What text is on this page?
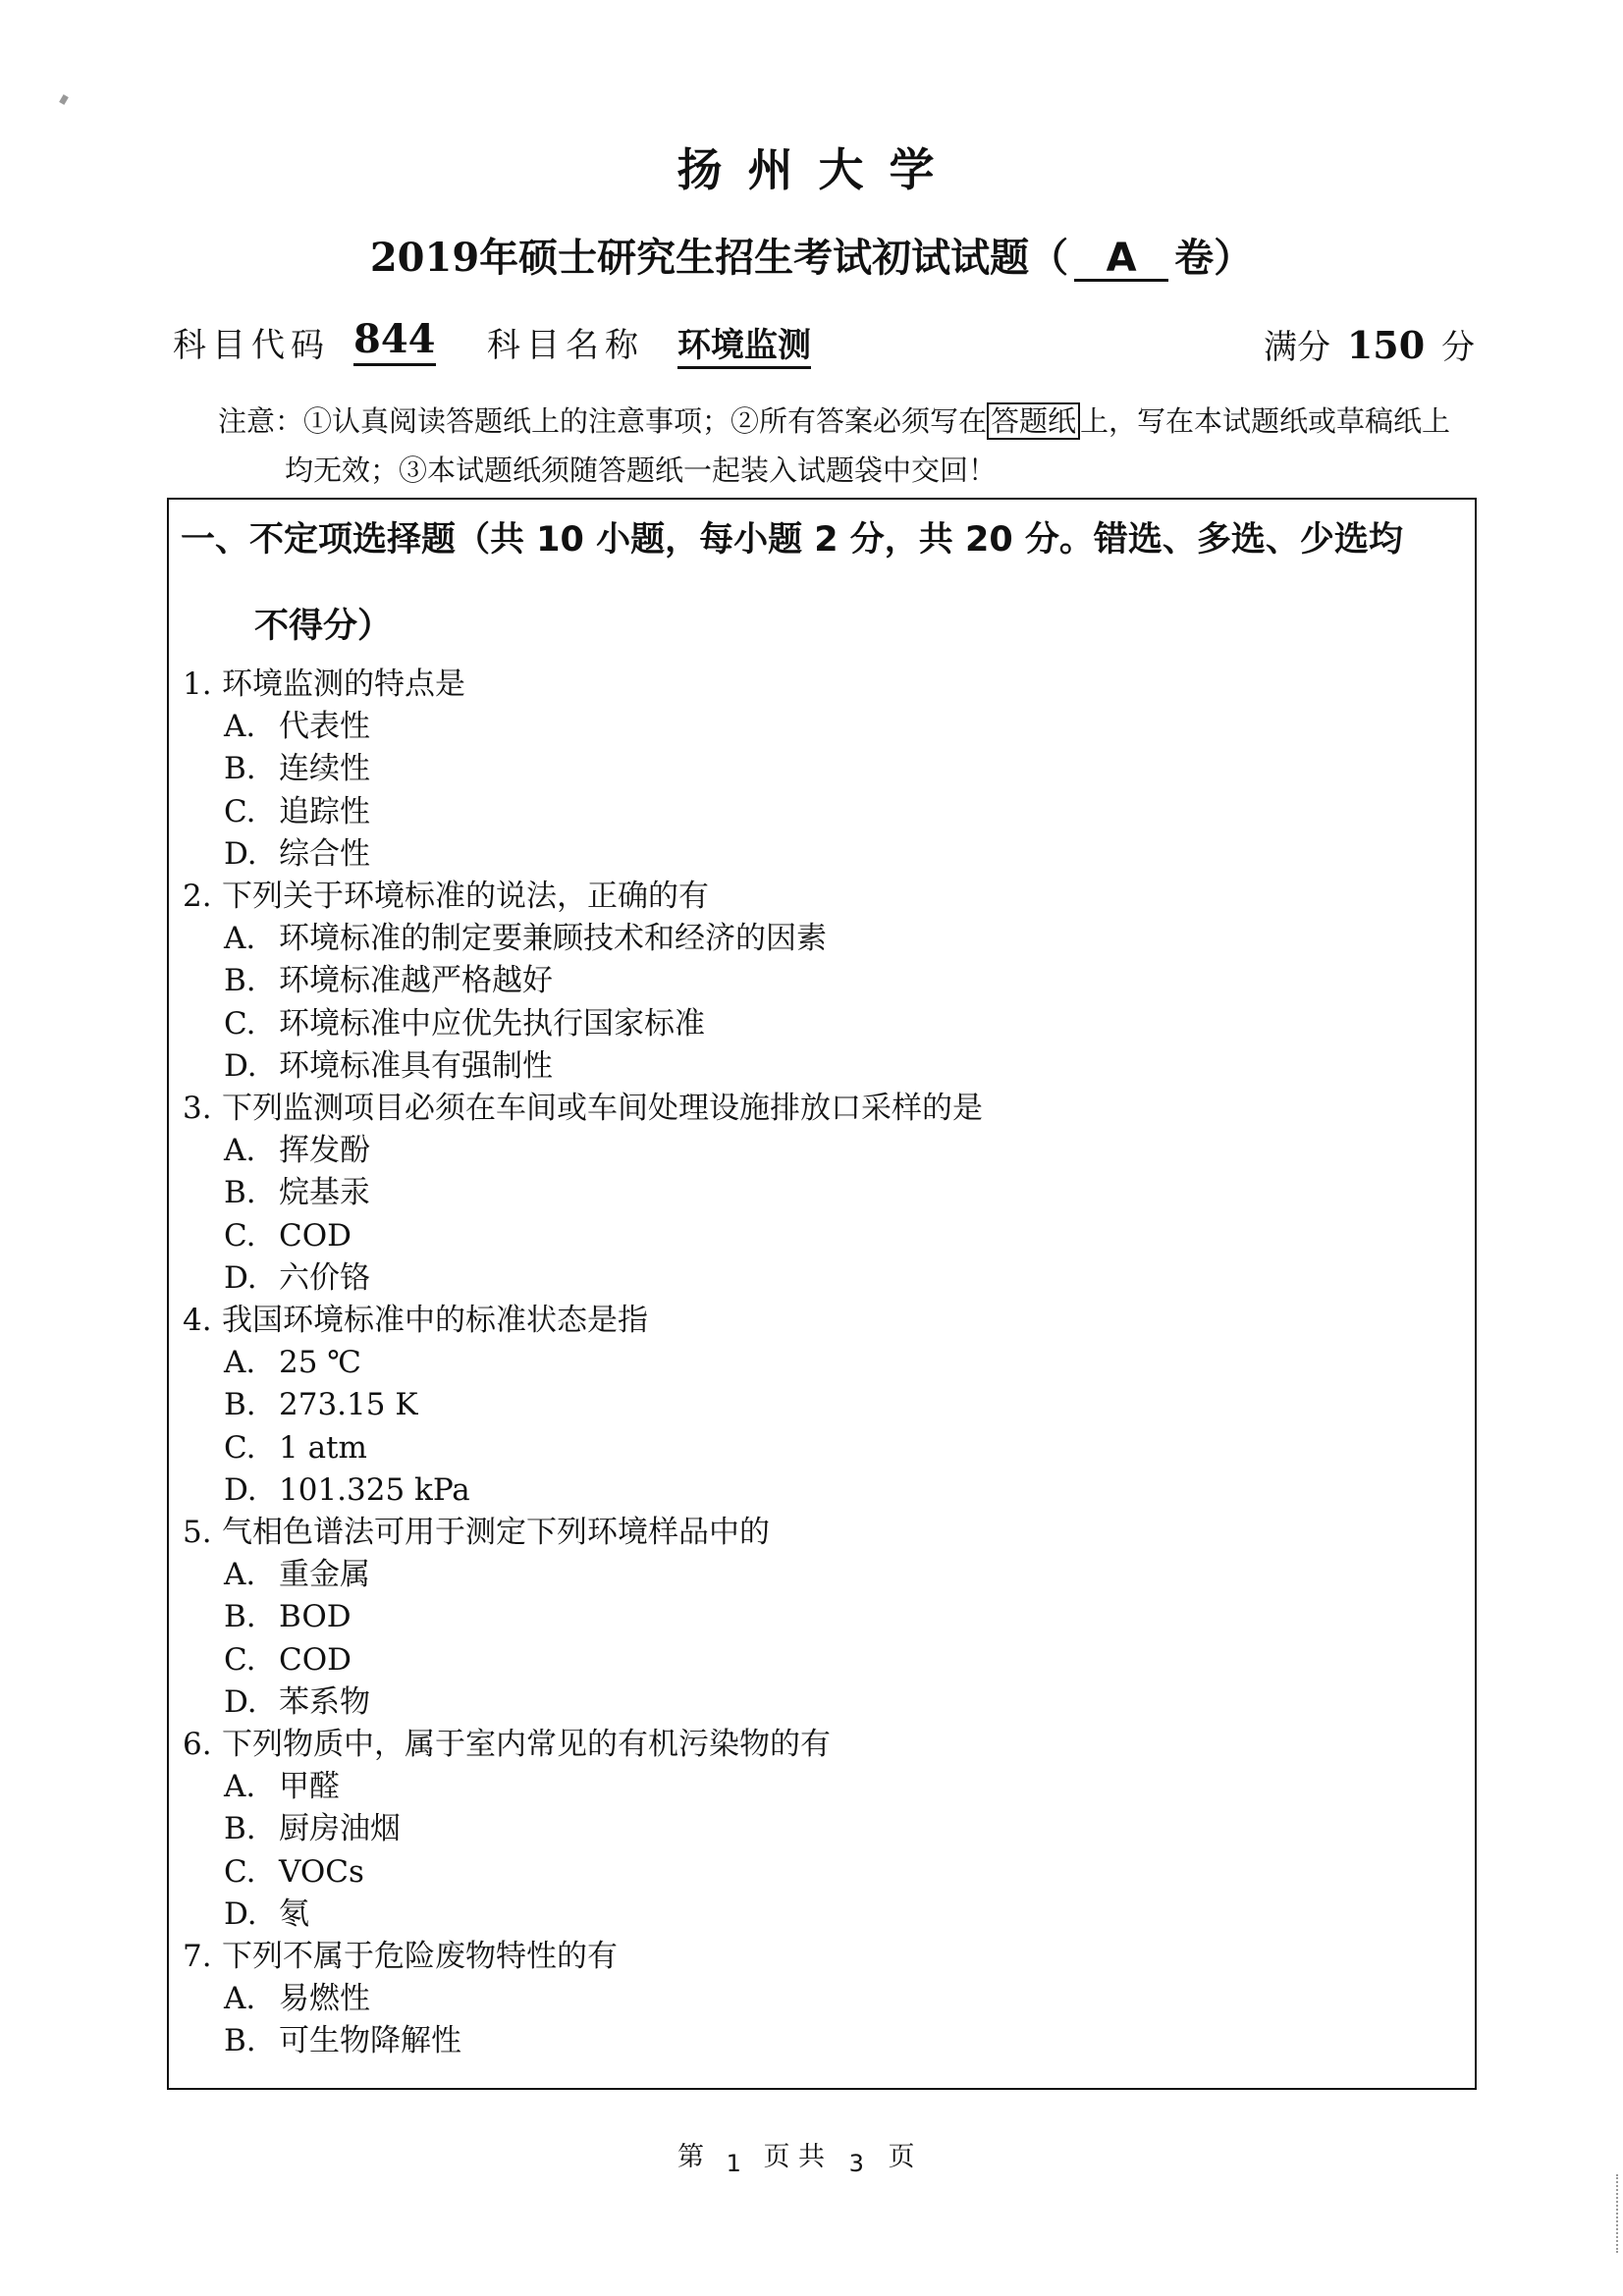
扬州大学
2019年硕士研究生招生考试初试试题（ A 卷）
科目代码 844 科目名称 环境监测	满分 150 分
注意：①认真阅读答题纸上的注意事项；②所有答案必须写在 答题纸 上，写在本试题纸或草稿纸上
均无效；③本试题纸须随答题纸一起装入试题袋中交回！
一、不定项选择题（共 10 小题，每小题 2 分，共 20 分。错选、多选、少选均
不得分）
1. 环境监测的特点是
A. 代表性
B. 连续性
C. 追踪性
D. 综合性
2. 下列关于环境标准的说法，正确的有
A. 环境标准的制定要兼顾技术和经济的因素
B. 环境标准越严格越好
C. 环境标准中应优先执行国家标准
D. 环境标准具有强制性
3. 下列监测项目必须在车间或车间处理设施排放口采样的是
A. 挥发酚
B. 烷基汞
C. COD
D. 六价铬
4. 我国环境标准中的标准状态是指
A. 25 ℃
B. 273.15 K
C. 1 atm
D. 101.325 kPa
5. 气相色谱法可用于测定下列环境样品中的
A. 重金属
B. BOD
C. COD
D. 苯系物
6. 下列物质中，属于室内常见的有机污染物的有
A. 甲醛
B. 厨房油烟
C. VOCs
D. 氡
7. 下列不属于危险废物特性的有
A. 易燃性
B. 可生物降解性
第 1 页 共 3 页
